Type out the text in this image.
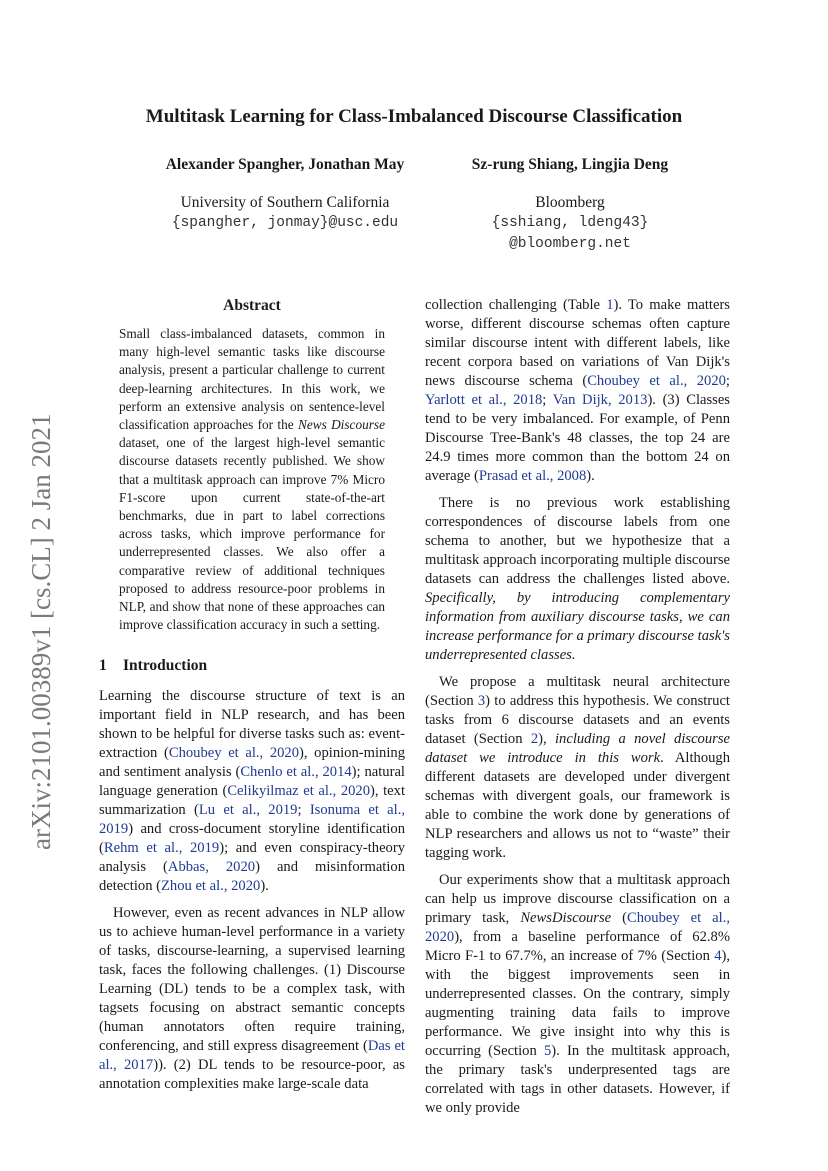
Multitask Learning for Class-Imbalanced Discourse Classification
Alexander Spangher, Jonathan May
University of Southern California
{spangher, jonmay}@usc.edu
Sz-rung Shiang, Lingjia Deng
Bloomberg
{sshiang, ldeng43}
@bloomberg.net
arXiv:2101.00389v1 [cs.CL] 2 Jan 2021
Abstract
Small class-imbalanced datasets, common in many high-level semantic tasks like discourse analysis, present a particular challenge to current deep-learning architectures. In this work, we perform an extensive analysis on sentence-level classification approaches for the News Discourse dataset, one of the largest high-level semantic discourse datasets recently published. We show that a multitask approach can improve 7% Micro F1-score upon current state-of-the-art benchmarks, due in part to label corrections across tasks, which improve performance for underrepresented classes. We also offer a comparative review of additional techniques proposed to address resource-poor problems in NLP, and show that none of these approaches can improve classification accuracy in such a setting.
1 Introduction

Learning the discourse structure of text is an important field in NLP research, and has been shown to be helpful for diverse tasks such as: event-extraction (Choubey et al., 2020), opinion-mining and sentiment analysis (Chenlo et al., 2014); natural language generation (Celikyilmaz et al., 2020), text summarization (Lu et al., 2019; Isonuma et al., 2019) and cross-document storyline identification (Rehm et al., 2019); and even conspiracy-theory analysis (Abbas, 2020) and misinformation detection (Zhou et al., 2020).

However, even as recent advances in NLP allow us to achieve human-level performance in a variety of tasks, discourse-learning, a supervised learning task, faces the following challenges. (1) Discourse Learning (DL) tends to be a complex task, with tagsets focusing on abstract semantic concepts (human annotators often require training, conferencing, and still express disagreement (Das et al., 2017)). (2) DL tends to be resource-poor, as annotation complexities make large-scale data

collection challenging (Table 1). To make matters worse, different discourse schemas often capture similar discourse intent with different labels, like recent corpora based on variations of Van Dijk's news discourse schema (Choubey et al., 2020; Yarlott et al., 2018; Van Dijk, 2013). (3) Classes tend to be very imbalanced. For example, of Penn Discourse Tree-Bank's 48 classes, the top 24 are 24.9 times more common than the bottom 24 on average (Prasad et al., 2008).

There is no previous work establishing correspondences of discourse labels from one schema to another, but we hypothesize that a multitask approach incorporating multiple discourse datasets can address the challenges listed above. Specifically, by introducing complementary information from auxiliary discourse tasks, we can increase performance for a primary discourse task's underrepresented classes.

We propose a multitask neural architecture (Section 3) to address this hypothesis. We construct tasks from 6 discourse datasets and an events dataset (Section 2), including a novel discourse dataset we introduce in this work. Although different datasets are developed under divergent schemas with divergent goals, our framework is able to combine the work done by generations of NLP researchers and allows us not to “waste” their tagging work.

Our experiments show that a multitask approach can help us improve discourse classification on a primary task, NewsDiscourse (Choubey et al., 2020), from a baseline performance of 62.8% Micro F-1 to 67.7%, an increase of 7% (Section 4), with the biggest improvements seen in underrepresented classes. On the contrary, simply augmenting training data fails to improve performance. We give insight into why this is occurring (Section 5). In the multitask approach, the primary task's underpresented tags are correlated with tags in other datasets. However, if we only provide
